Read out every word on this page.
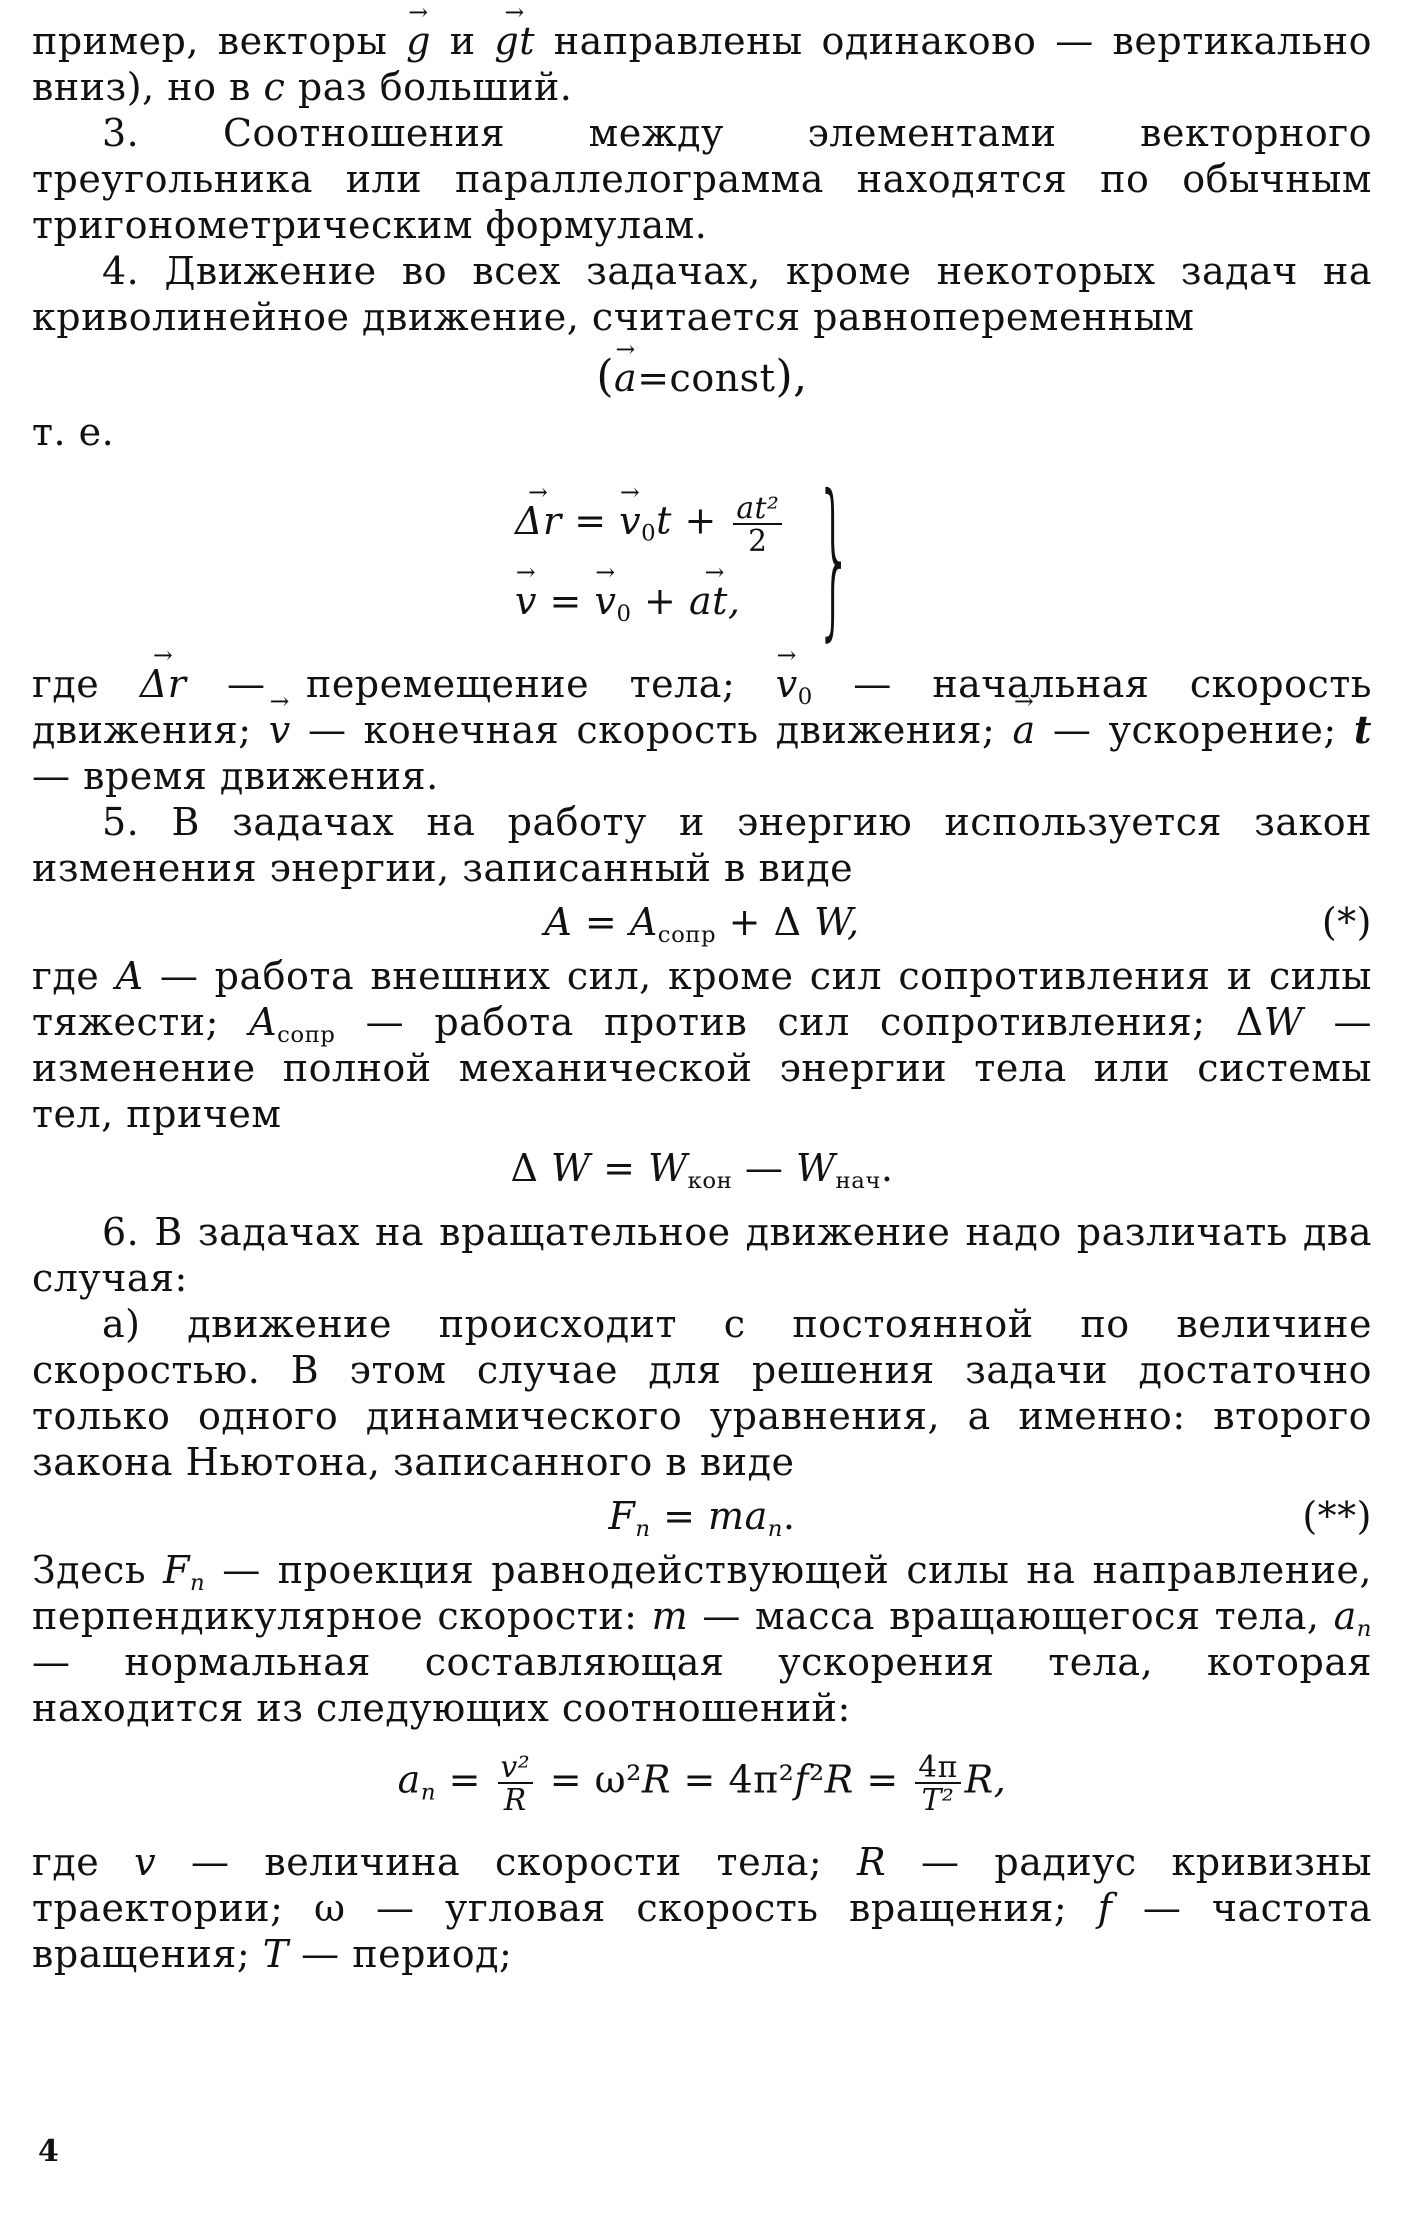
пример, векторы → g и → gt направлены одинаково — вертикально вниз), но в c раз больший.

3. Соотношения между элементами векторного треугольника или параллелограмма находятся по обычным тригонометрическим формулам.

4. Движение во всех задачах, кроме некоторых задач на криволинейное движение, считается равнопеременным

(→ a=const),

т. е.

→ Δr = → $v_0t + \frac{\text{at²}}{2}$
→ v = → $v_0$ + → at, }

где → Δr — перемещение тела; → $v_0$ — начальная скорость движения; → v — конечная скорость движения; → a — ускорение; t — время движения.

5. В задачах на работу и энергию используется закон изменения энергии, записанный в виде

$A = A_{сопр} + \Delta$ W,	(*)

где A — работа внешних сил, кроме сил сопротивления и силы тяжести; $A_{сопр}$ — работа против сил сопротивления; ΔW — изменение полной механической энергии тела или системы тел, причем

Δ $W = W_{кон}$ — $W_{нач}$.

6. В задачах на вращательное движение надо различать два случая:

а) движение происходит с постоянной по величине скоростью. В этом случае для решения задачи достаточно только одного динамического уравнения, а именно: второго закона Ньютона, записанного в виде

$F_n = ma_n$.	(**)

Здесь $F_n$ — проекция равнодействующей силы на направление, перпендикулярное скорости: m — масса вращающегося тела, $a_n$ — нормальная составляющая ускорения тела, которая находится из следующих соотношений:

$a_n = \frac{\text{v²}}{R} = \omega^2R = 4\pi^2f^2R = \frac{4\pi}{\text{T²}} R$,

где v — величина скорости тела; R — радиус кривизны траектории; ω — угловая скорость вращения; f — частота вращения; T — период;

4
